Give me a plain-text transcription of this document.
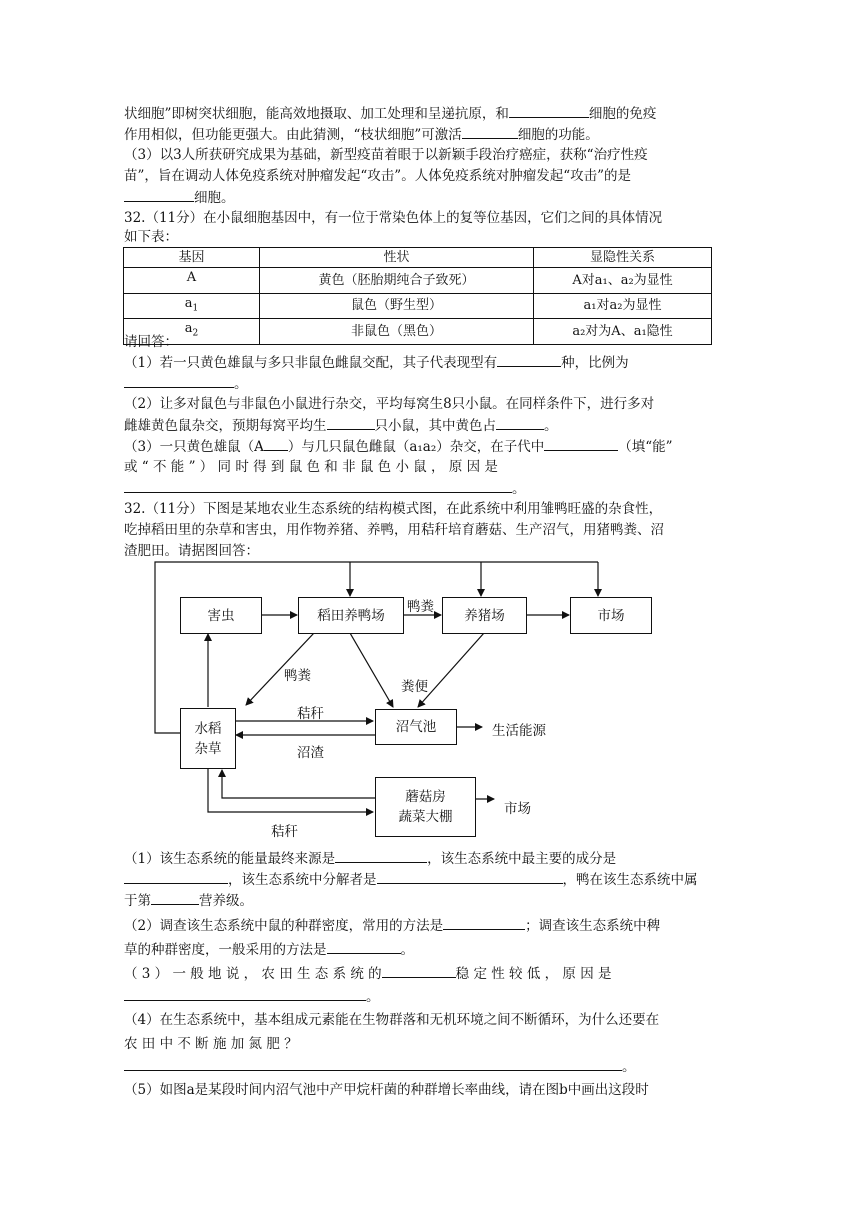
状细胞”即树突状细胞，能高效地摄取、加工处理和呈递抗原，和	细胞的免疫
作用相似，但功能更强大。由此猜测，“枝状细胞”可激活	细胞的功能。
（3）以3人所获研究成果为基础，新型疫苗着眼于以新颖手段治疗癌症，获称“治疗性疫
苗”，旨在调动人体免疫系统对肿瘤发起“攻击”。人体免疫系统对肿瘤发起“攻击”的是
细胞。
32.（11分）在小鼠细胞基因中，有一位于常染色体上的复等位基因，它们之间的具体情况
如下表：
基因	性状	显隐性关系
A	黄色（胚胎期纯合子致死）	A对a₁、a₂为显性
$a_1$	鼠色（野生型）	a₁对a₂为显性
$a_2$	非鼠色（黑色）	a₂对为A、a₁隐性
请回答：
（1）若一只黄色雄鼠与多只非鼠色雌鼠交配，其子代表现型有	种，比例为
。
（2）让多对鼠色与非鼠色小鼠进行杂交，平均每窝生8只小鼠。在同样条件下，进行多对
雌雄黄色鼠杂交，预期每窝平均生	只小鼠，其中黄色占	。
（3）一只黄色雄鼠（A ）与几只鼠色雌鼠（a₁a₂）杂交，在子代中	（填“能”
或 “ 不 能 ” ） 同 时 得 到 鼠 色 和 非 鼠 色 小 鼠 ， 原 因 是
。
32.（11分）下图是某地农业生态系统的结构模式图，在此系统中利用雏鸭旺盛的杂食性，
吃掉稻田里的杂草和害虫，用作物养猪、养鸭，用秸秆培育蘑菇、生产沼气，用猪鸭粪、沼
渣肥田。请据图回答：
害虫	稻田养鸭场	养猪场	市场
水稻
杂草
沼气池
蘑菇房
蔬菜大棚
生活能源
市场
鸭粪
鸭粪
粪便
秸秆
沼渣
秸秆
（1）该生态系统的能量最终来源是	，该生态系统中最主要的成分是
，该生态系统中分解者是	，鸭在该生态系统中属
于第	营养级。
（2）调查该生态系统中鼠的种群密度，常用的方法是	；调查该生态系统中稗
草的种群密度，一般采用的方法是	。
（ 3 ） 一 般 地 说 ， 农 田 生 态 系 统 的	稳 定 性 较 低 ， 原 因 是
。
（4）在生态系统中，基本组成元素能在生物群落和无机环境之间不断循环，为什么还要在
农 田 中 不 断 施 加 氮 肥 ？
。
（5）如图a是某段时间内沼气池中产甲烷杆菌的种群增长率曲线，请在图b中画出这段时
